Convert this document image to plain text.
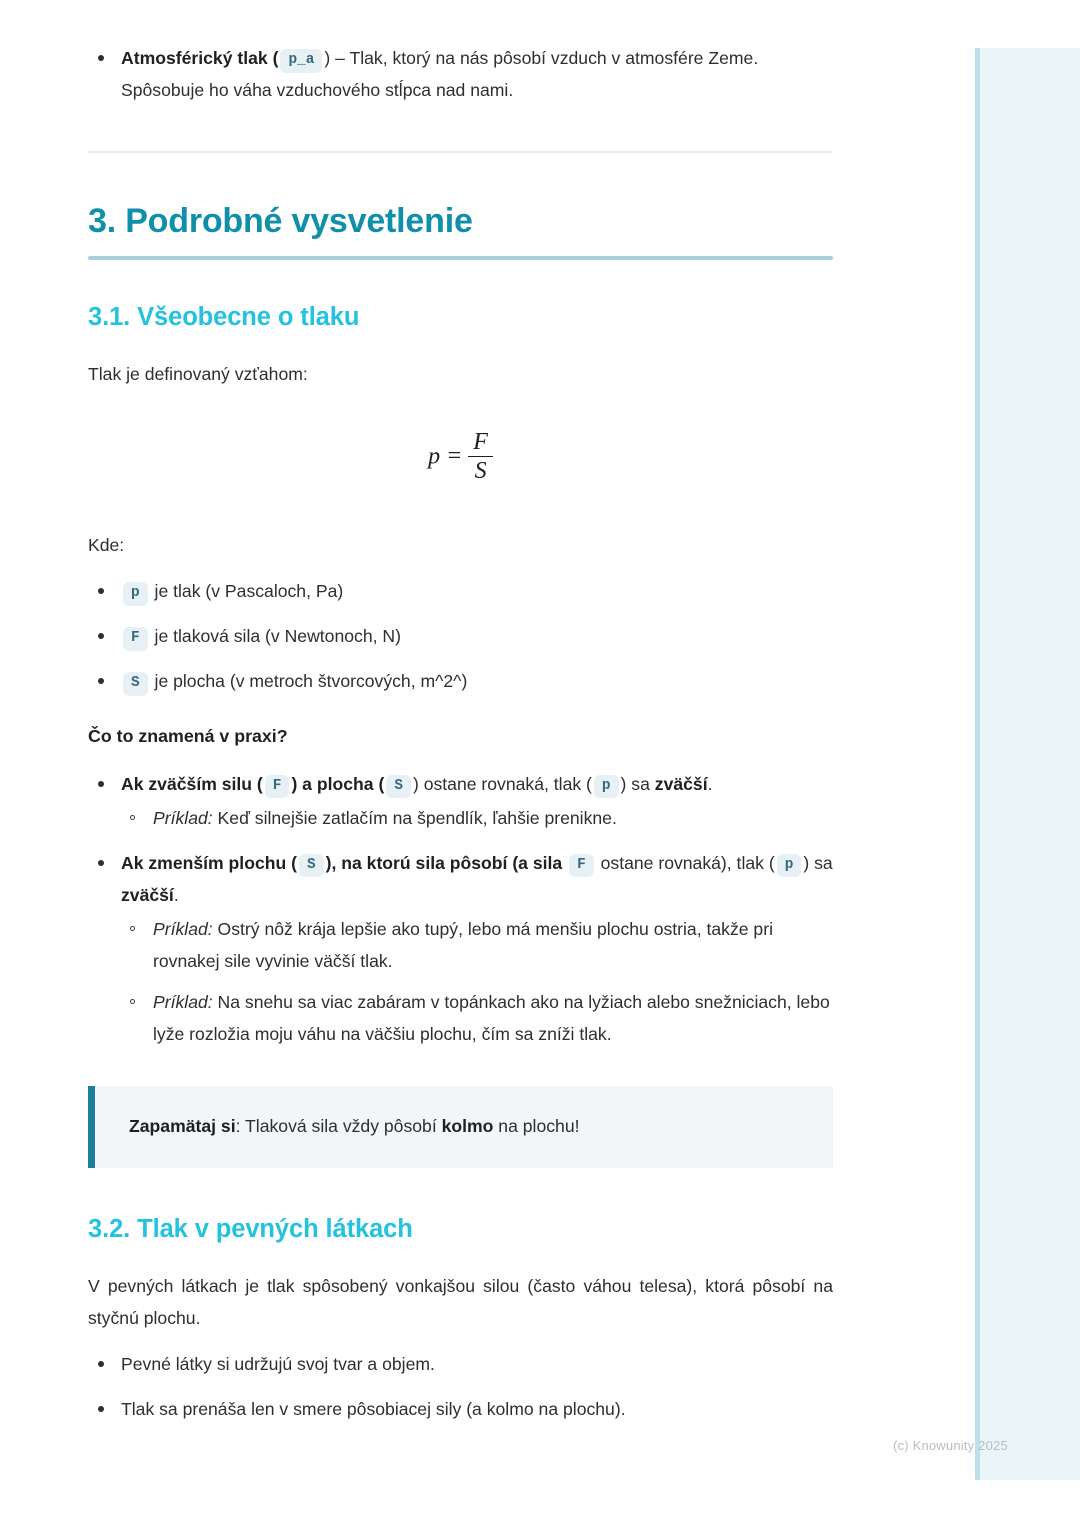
Atmosférický tlak ( p_a ) – Tlak, ktorý na nás pôsobí vzduch v atmosfére Zeme. Spôsobuje ho váha vzduchového stĺpca nad nami.
3. Podrobné vysvetlenie
3.1. Všeobecne o tlaku

Tlak je definovaný vzťahom:

$p = \frac{F}{S}$

Kde:

p je tlak (v Pascaloch, Pa)
F je tlaková sila (v Newtonoch, N)
S je plocha (v metroch štvorcových, m^2^)
Čo to znamená v praxi?
Ak zväčším silu ( F ) a plocha ( S ) ostane rovnaká, tlak ( p ) sa zväčší.
Príklad: Keď silnejšie zatlačím na špendlík, ľahšie prenikne.
Ak zmenším plochu ( S ), na ktorú sila pôsobí (a sila F ostane rovnaká), tlak ( p ) sa zväčší.
Príklad: Ostrý nôž krája lepšie ako tupý, lebo má menšiu plochu ostria, takže pri rovnakej sile vyvinie väčší tlak.
Príklad: Na snehu sa viac zabáram v topánkach ako na lyžiach alebo snežniciach, lebo lyže rozložia moju váhu na väčšiu plochu, čím sa zníži tlak.
Zapamätaj si: Tlaková sila vždy pôsobí kolmo na plochu!
3.2. Tlak v pevných látkach

V pevných látkach je tlak spôsobený vonkajšou silou (často váhou telesa), ktorá pôsobí na styčnú plochu.

Pevné látky si udržujú svoj tvar a objem.
Tlak sa prenáša len v smere pôsobiacej sily (a kolmo na plochu).
(c) Knowunity 2025
